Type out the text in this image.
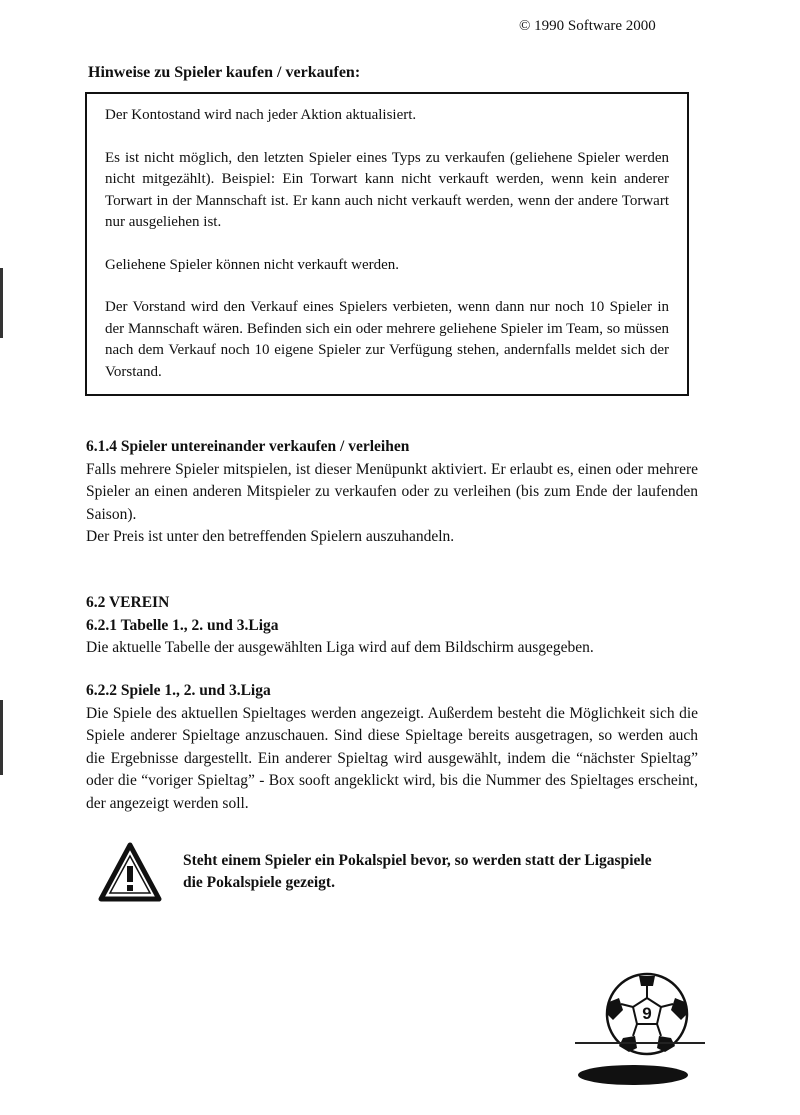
© 1990 Software 2000
Hinweise zu Spieler kaufen / verkaufen:

Der Kontostand wird nach jeder Aktion aktualisiert.

Es ist nicht möglich, den letzten Spieler eines Typs zu verkaufen (geliehene Spieler werden nicht mitgezählt). Beispiel: Ein Torwart kann nicht verkauft werden, wenn kein anderer Torwart in der Mannschaft ist. Er kann auch nicht verkauft werden, wenn der andere Torwart nur ausgeliehen ist.

Geliehene Spieler können nicht verkauft werden.

Der Vorstand wird den Verkauf eines Spielers verbieten, wenn dann nur noch 10 Spieler in der Mannschaft wären. Befinden sich ein oder mehrere geliehene Spieler im Team, so müssen nach dem Verkauf noch 10 eigene Spieler zur Verfügung stehen, andernfalls meldet sich der Vorstand.

6.1.4 Spieler untereinander verkaufen / verleihen

Falls mehrere Spieler mitspielen, ist dieser Menüpunkt aktiviert. Er erlaubt es, einen oder mehrere Spieler an einen anderen Mitspieler zu verkaufen oder zu verleihen (bis zum Ende der laufenden Saison).

Der Preis ist unter den betreffenden Spielern auszuhandeln.

6.2 VEREIN

6.2.1 Tabelle 1., 2. und 3.Liga

Die aktuelle Tabelle der ausgewählten Liga wird auf dem Bildschirm ausgegeben.

6.2.2 Spiele 1., 2. und 3.Liga

Die Spiele des aktuellen Spieltages werden angezeigt. Außerdem besteht die Möglichkeit sich die Spiele anderer Spieltage anzuschauen. Sind diese Spieltage bereits ausgetragen, so werden auch die Ergebnisse dargestellt. Ein anderer Spieltag wird ausgewählt, indem die “nächster Spieltag” oder die “voriger Spieltag” - Box sooft angeklickt wird, bis die Nummer des Spieltages erscheint, der angezeigt werden soll.

Steht einem Spieler ein Pokalspiel bevor, so werden statt der Ligaspiele die Pokalspiele gezeigt.
9
